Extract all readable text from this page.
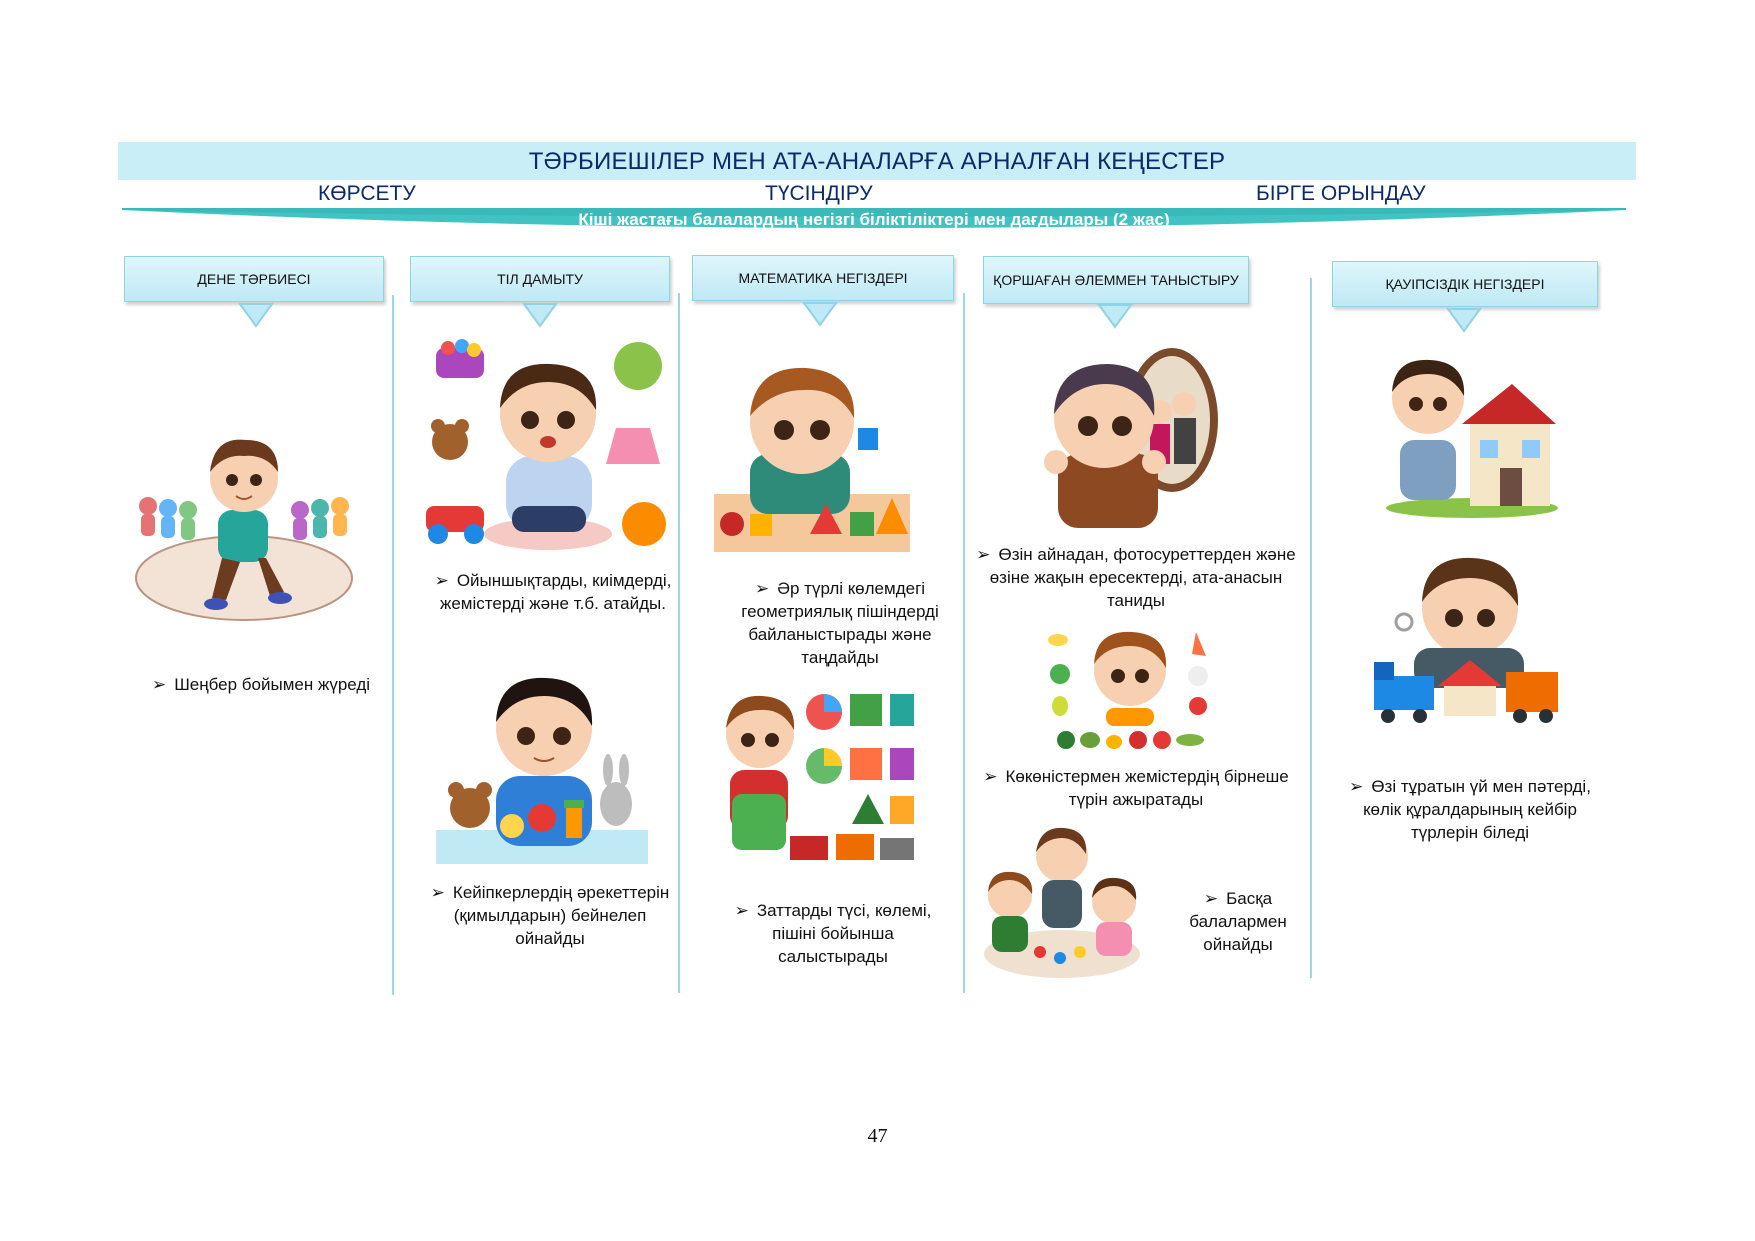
ТӘРБИЕШІЛЕР МЕН АТА-АНАЛАРҒА АРНАЛҒАН КЕҢЕСТЕР
КӨРСЕТУ	ТҮСІНДІРУ	БІРГЕ ОРЫНДАУ
Кіші жастағы балалардың негізгі біліктіліктері мен дағдылары (2 жас)
ДЕНЕ ТӘРБИЕСІ	ТІЛ ДАМЫТУ	МАТЕМАТИКА НЕГІЗДЕРІ	ҚОРШАҒАН ӘЛЕММЕН ТАНЫСТЫРУ	ҚАУІПСІЗДІК НЕГІЗДЕРІ
➢ Шеңбер бойымен жүреді
➢ Ойыншықтарды, киімдерді, жемістерді және т.б. атайды.
➢ Кейіпкерлердің әрекеттерін (қимылдарын) бейнелеп ойнайды
➢ Әр түрлі көлемдегі геометриялық пішіндерді байланыстырады және таңдайды
➢ Заттарды түсі, көлемі, пішіні бойынша салыстырады
➢ Өзін айнадан, фотосуреттерден және өзіне жақын ересектерді, ата-анасын таниды
➢ Көкөністермен жемістердің бірнеше түрін ажыратады
➢ Басқа балалармен ойнайды
➢ Өзі тұратын үй мен пәтерді, көлік құралдарының кейбір түрлерін біледі
47
